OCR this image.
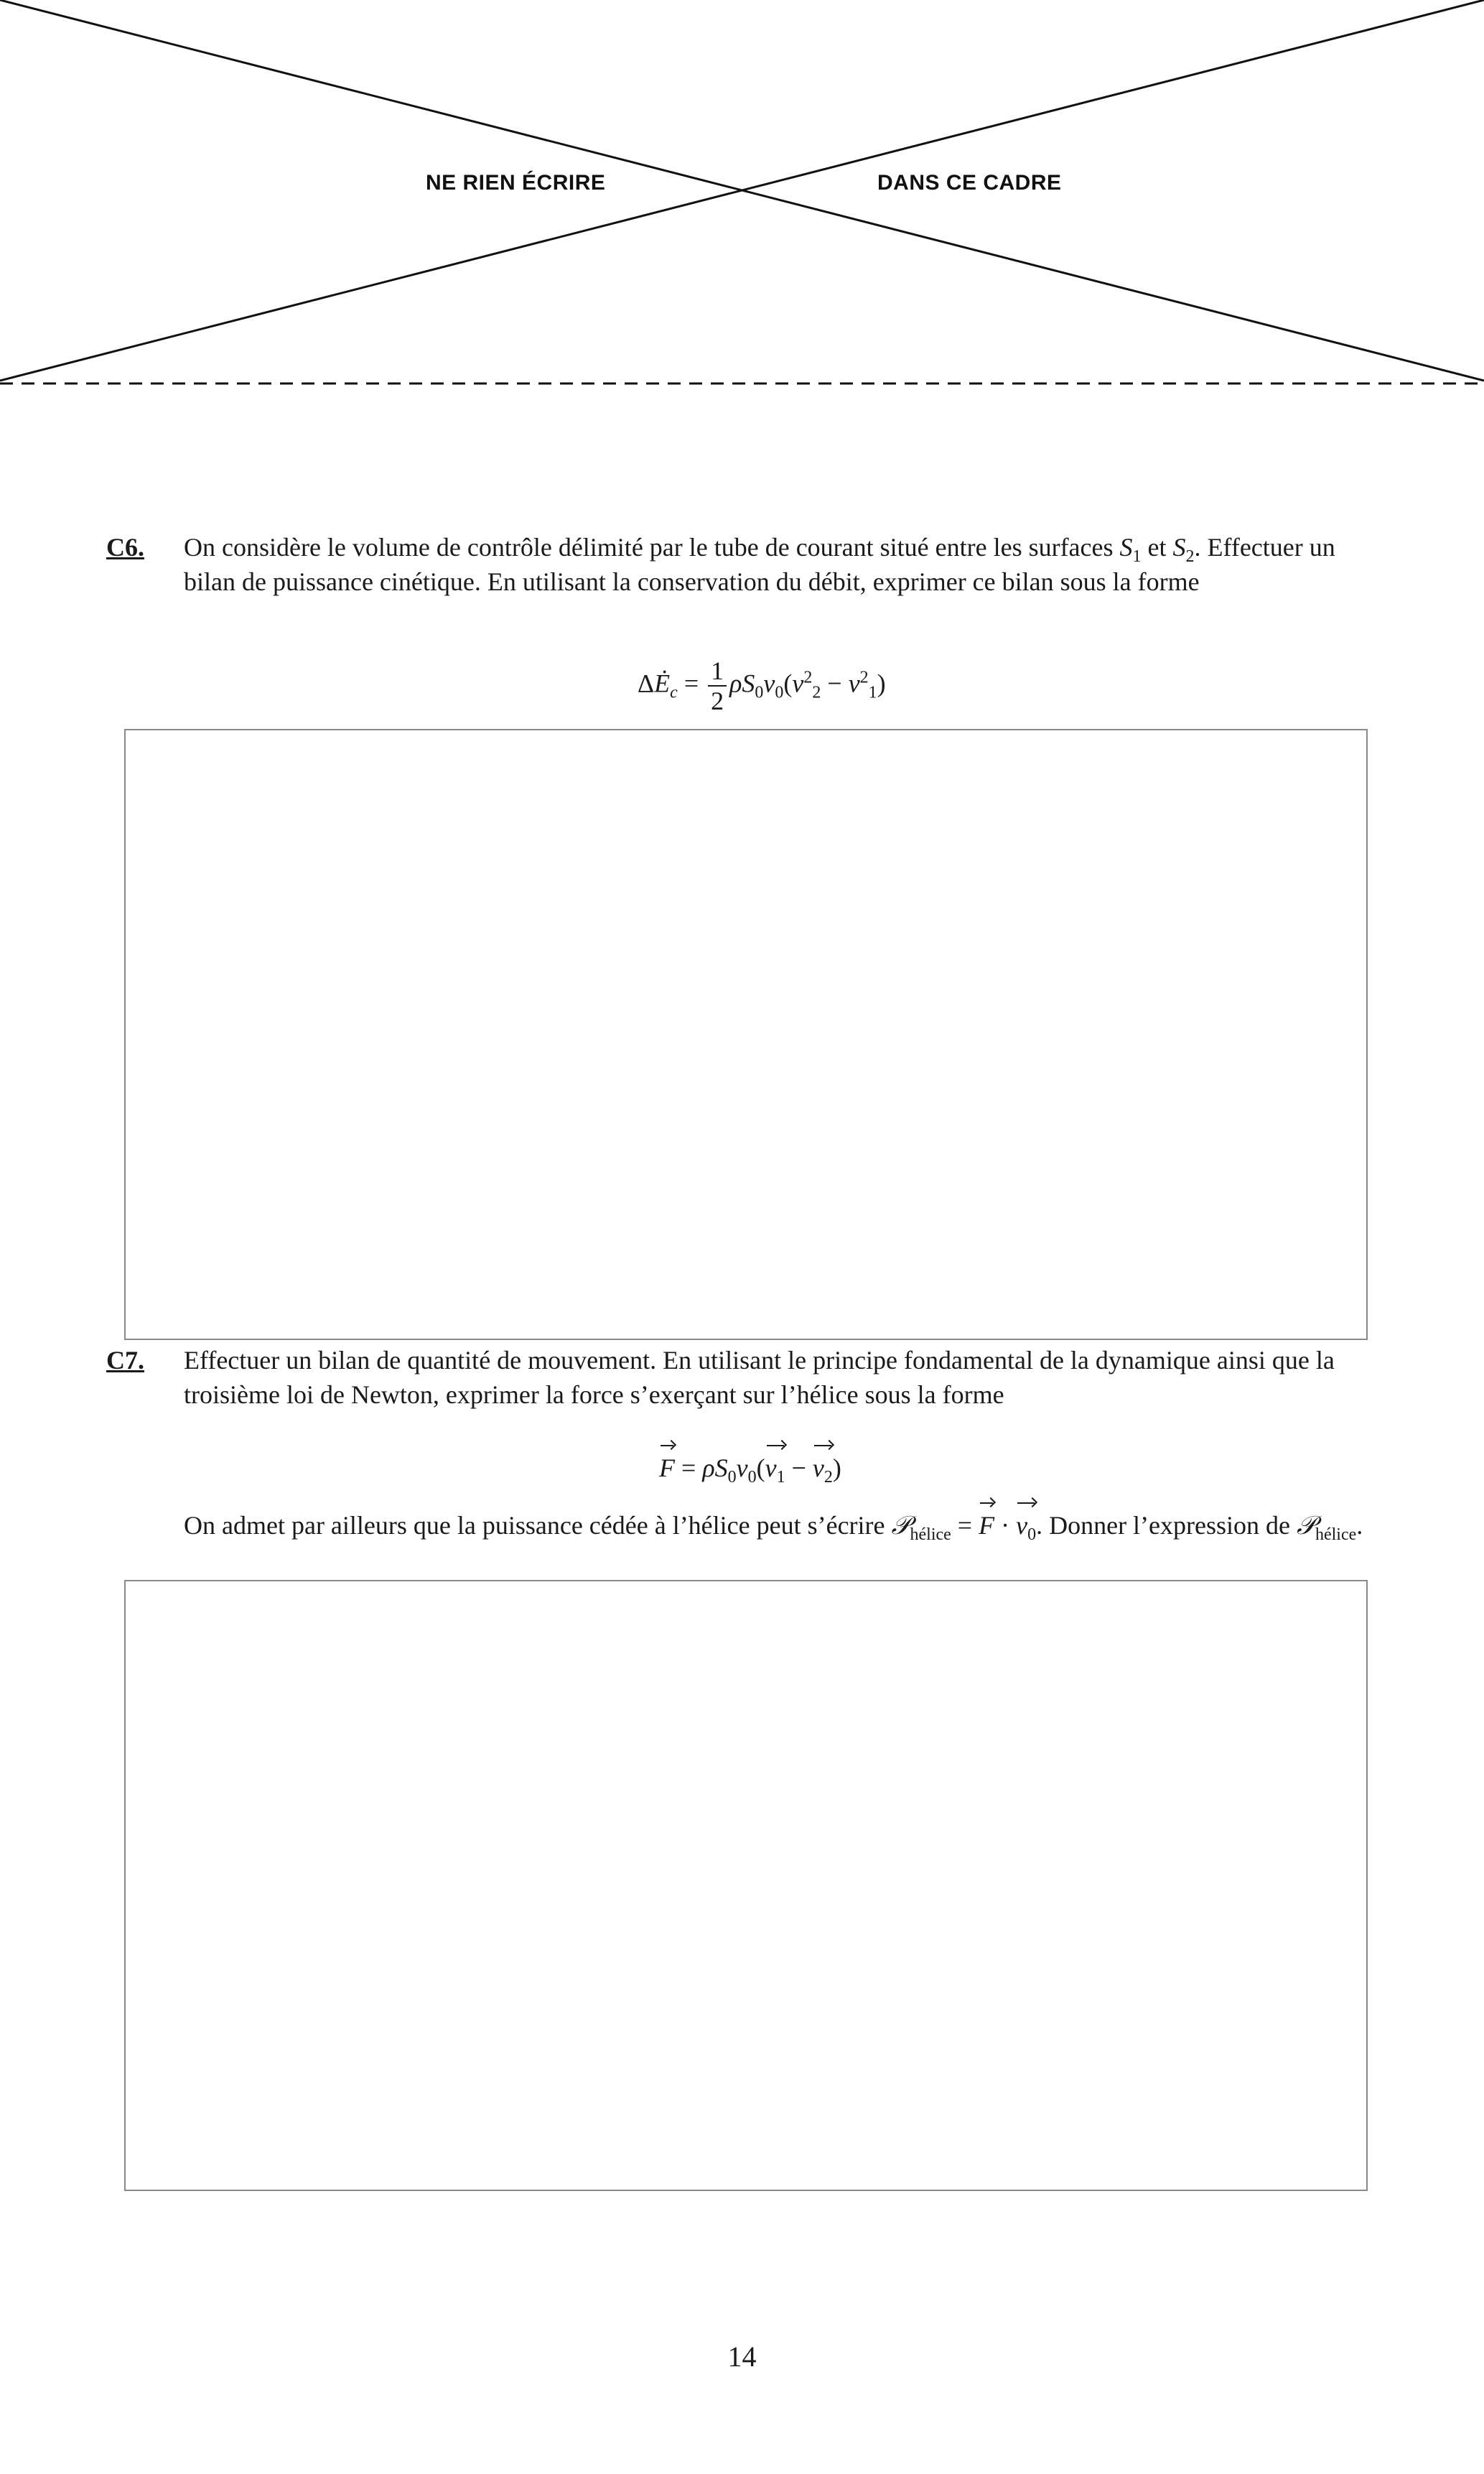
NE RIEN ÉCRIRE	DANS CE CADRE
C6. On considère le volume de contrôle délimité par le tube de courant situé entre les surfaces $S_1$ et $S_2$. Effectuer un bilan de puissance cinétique. En utilisant la conservation du débit, exprimer ce bilan sous la forme
$\Delta Ė_c = \frac{1}{2} \rho S_0v_0(v^2_2 - v^2_1)$
C7. Effectuer un bilan de quantité de mouvement. En utilisant le principe fondamental de la dynamique ainsi que la troisième loi de Newton, exprimer la force s’exerçant sur l’hélice sous la forme
$F = \rho S_0v_0(v_1 - v_2)$
On admet par ailleurs que la puissance cédée à l’hélice peut s’écrire 𝒫$_{hélice}$ = $F \cdot v_0$. Donner l’expression de 𝒫$_{hélice}$.
14
